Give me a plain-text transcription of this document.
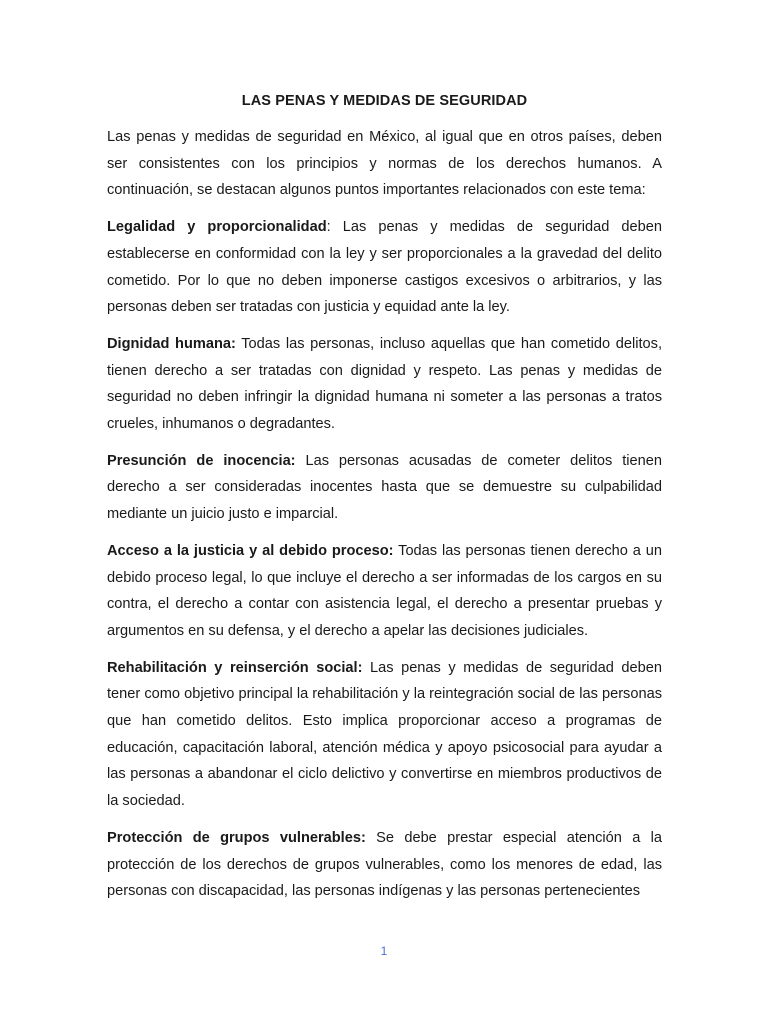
LAS PENAS Y MEDIDAS DE SEGURIDAD

Las penas y medidas de seguridad en México, al igual que en otros países, deben ser consistentes con los principios y normas de los derechos humanos. A continuación, se destacan algunos puntos importantes relacionados con este tema:

Legalidad y proporcionalidad: Las penas y medidas de seguridad deben establecerse en conformidad con la ley y ser proporcionales a la gravedad del delito cometido. Por lo que no deben imponerse castigos excesivos o arbitrarios, y las personas deben ser tratadas con justicia y equidad ante la ley.

Dignidad humana: Todas las personas, incluso aquellas que han cometido delitos, tienen derecho a ser tratadas con dignidad y respeto. Las penas y medidas de seguridad no deben infringir la dignidad humana ni someter a las personas a tratos crueles, inhumanos o degradantes.

Presunción de inocencia: Las personas acusadas de cometer delitos tienen derecho a ser consideradas inocentes hasta que se demuestre su culpabilidad mediante un juicio justo e imparcial.

Acceso a la justicia y al debido proceso: Todas las personas tienen derecho a un debido proceso legal, lo que incluye el derecho a ser informadas de los cargos en su contra, el derecho a contar con asistencia legal, el derecho a presentar pruebas y argumentos en su defensa, y el derecho a apelar las decisiones judiciales.

Rehabilitación y reinserción social: Las penas y medidas de seguridad deben tener como objetivo principal la rehabilitación y la reintegración social de las personas que han cometido delitos. Esto implica proporcionar acceso a programas de educación, capacitación laboral, atención médica y apoyo psicosocial para ayudar a las personas a abandonar el ciclo delictivo y convertirse en miembros productivos de la sociedad.

Protección de grupos vulnerables: Se debe prestar especial atención a la protección de los derechos de grupos vulnerables, como los menores de edad, las personas con discapacidad, las personas indígenas y las personas pertenecientes

1
